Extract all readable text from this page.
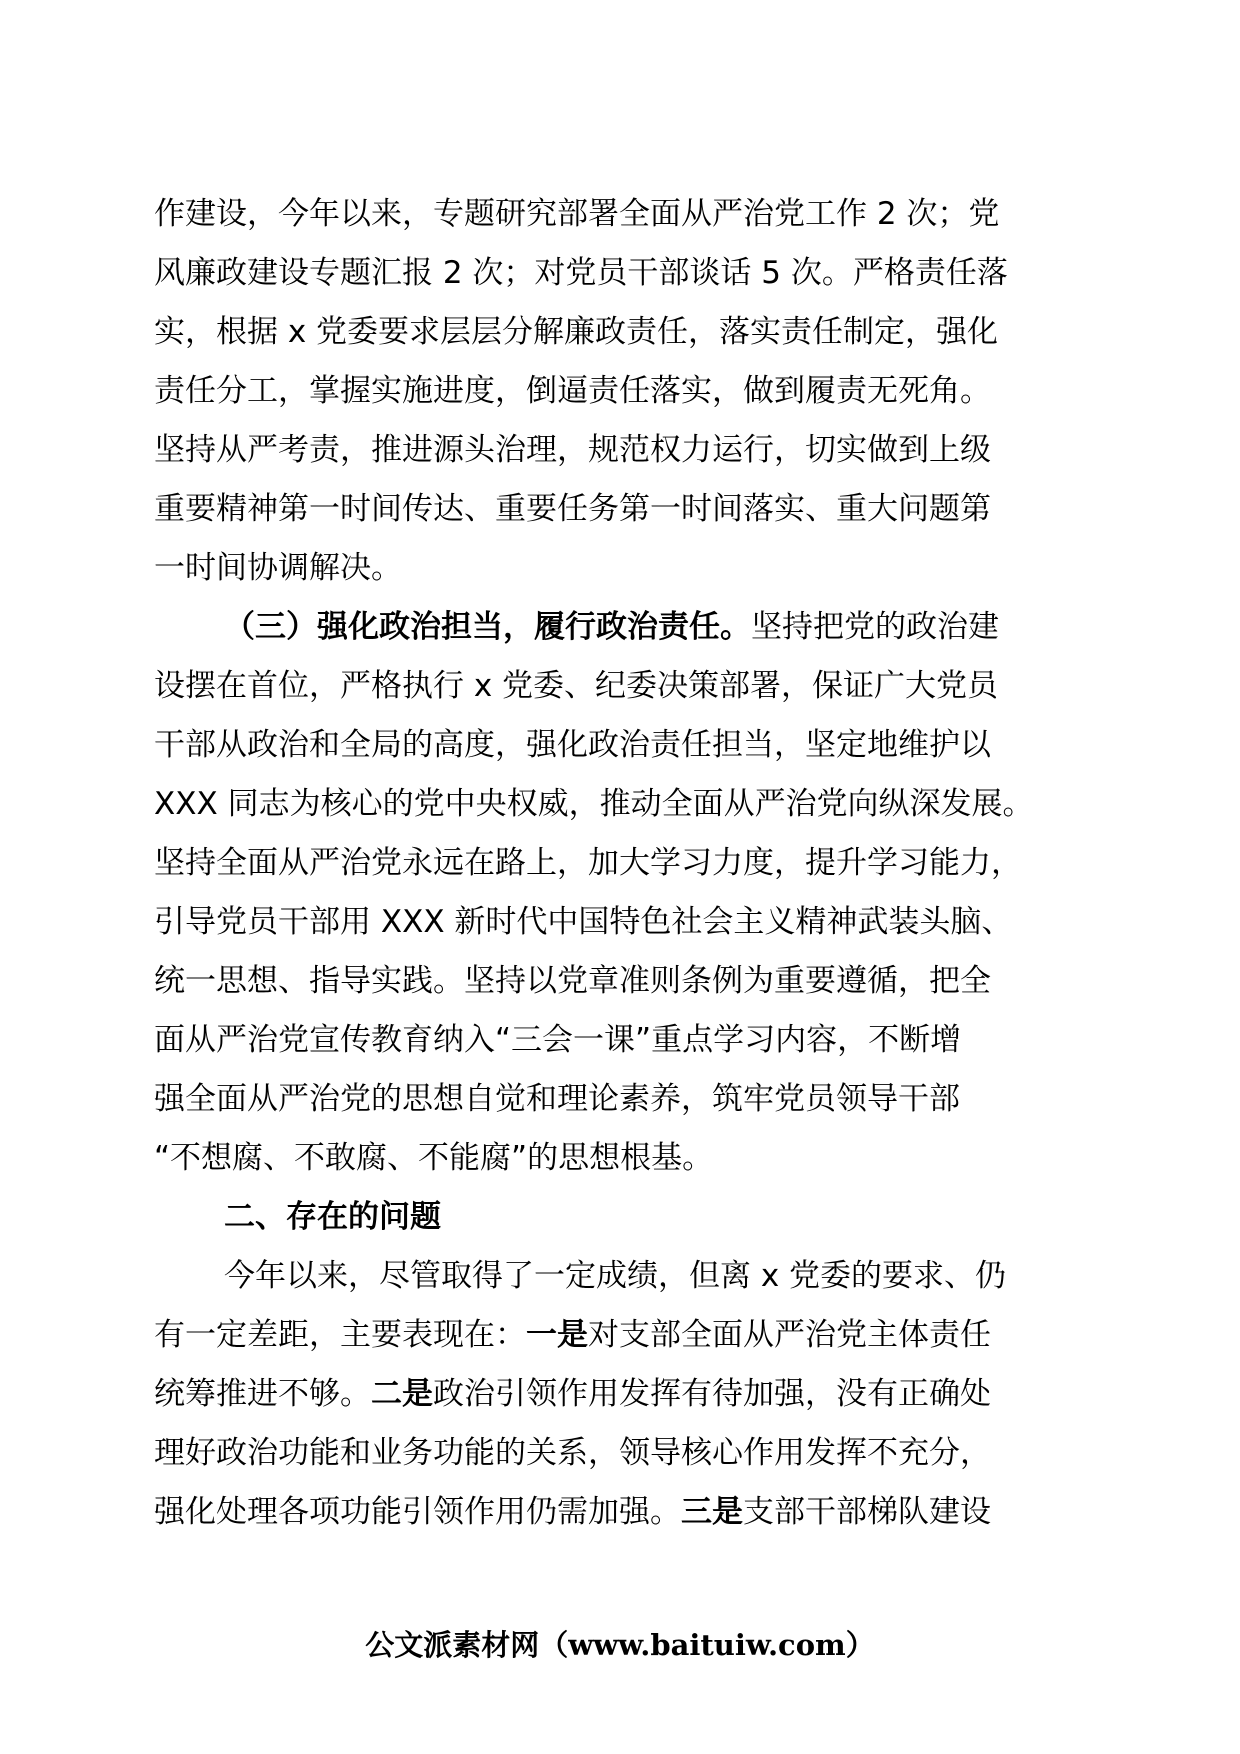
作建设，今年以来，专题研究部署全面从严治党工作 2 次；党
风廉政建设专题汇报 2 次；对党员干部谈话 5 次。严格责任落
实，根据 x 党委要求层层分解廉政责任，落实责任制定，强化
责任分工，掌握实施进度，倒逼责任落实，做到履责无死角。
坚持从严考责，推进源头治理，规范权力运行，切实做到上级
重要精神第一时间传达、重要任务第一时间落实、重大问题第
一时间协调解决。
（三）强化政治担当，履行政治责任。坚持把党的政治建
设摆在首位，严格执行 x 党委、纪委决策部署，保证广大党员
干部从政治和全局的高度，强化政治责任担当，坚定地维护以
XXX 同志为核心的党中央权威，推动全面从严治党向纵深发展。
坚持全面从严治党永远在路上，加大学习力度，提升学习能力，
引导党员干部用 XXX 新时代中国特色社会主义精神武装头脑、
统一思想、指导实践。坚持以党章准则条例为重要遵循，把全
面从严治党宣传教育纳入“三会一课”重点学习内容，不断增
强全面从严治党的思想自觉和理论素养，筑牢党员领导干部
“不想腐、不敢腐、不能腐”的思想根基。
二、存在的问题
今年以来，尽管取得了一定成绩，但离 x 党委的要求、仍
有一定差距，主要表现在：一是对支部全面从严治党主体责任
统筹推进不够。二是政治引领作用发挥有待加强，没有正确处
理好政治功能和业务功能的关系，领导核心作用发挥不充分，
强化处理各项功能引领作用仍需加强。三是支部干部梯队建设
公文派素材网（www.baituiw.com）
